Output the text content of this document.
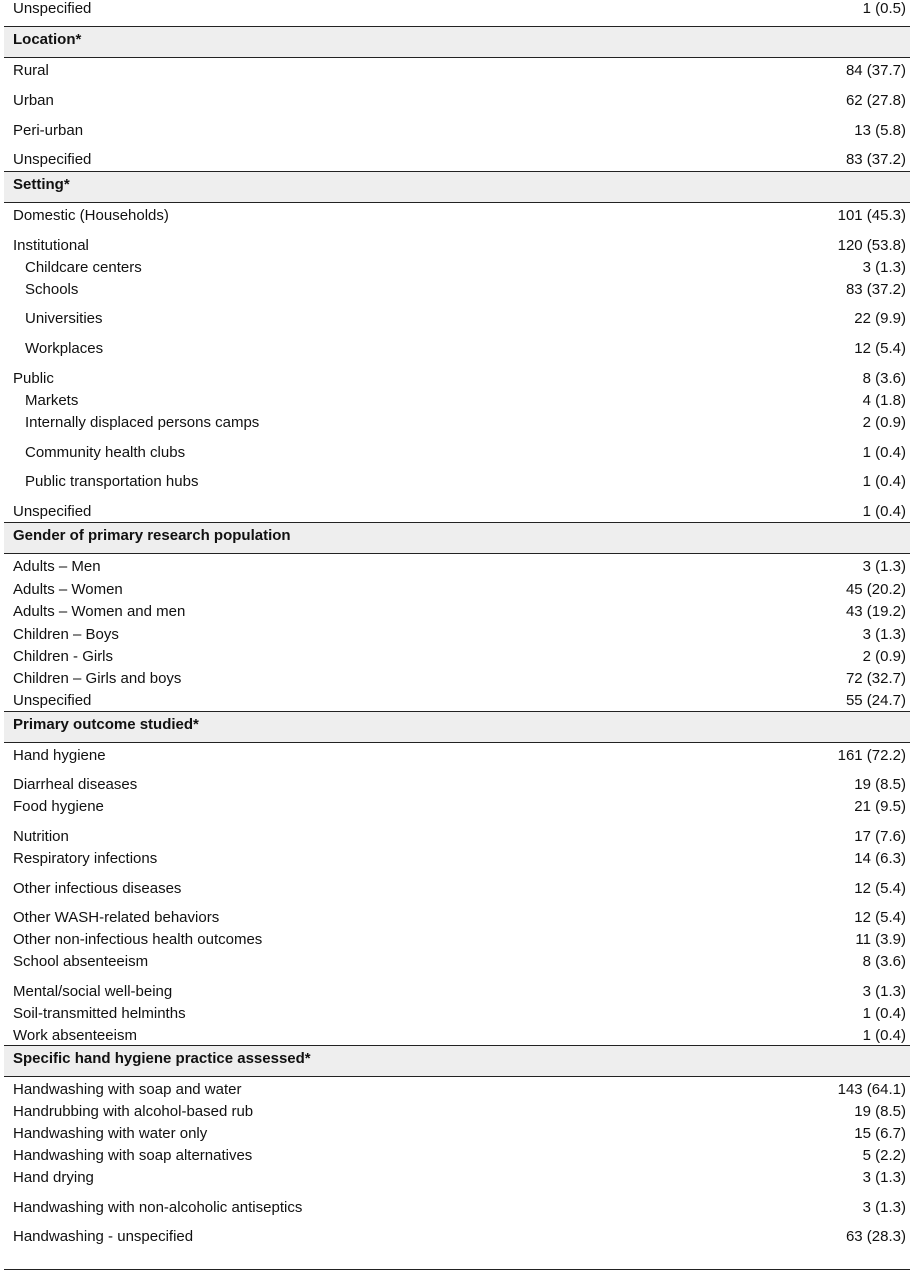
Unspecified	1 (0.5)
Location*
Rural	84 (37.7)
Urban	62 (27.8)
Peri-urban	13 (5.8)
Unspecified	83 (37.2)
Setting*
Domestic (Households)	101 (45.3)
Institutional	120 (53.8)
Childcare centers	3 (1.3)
Schools	83 (37.2)
Universities	22 (9.9)
Workplaces	12 (5.4)
Public	8 (3.6)
Markets	4 (1.8)
Internally displaced persons camps	2 (0.9)
Community health clubs	1 (0.4)
Public transportation hubs	1 (0.4)
Unspecified	1 (0.4)
Gender of primary research population
Adults – Men	3 (1.3)
Adults – Women	45 (20.2)
Adults – Women and men	43 (19.2)
Children – Boys	3 (1.3)
Children - Girls	2 (0.9)
Children – Girls and boys	72 (32.7)
Unspecified	55 (24.7)
Primary outcome studied*
Hand hygiene	161 (72.2)
Diarrheal diseases	19 (8.5)
Food hygiene	21 (9.5)
Nutrition	17 (7.6)
Respiratory infections	14 (6.3)
Other infectious diseases	12 (5.4)
Other WASH-related behaviors	12 (5.4)
Other non-infectious health outcomes	11 (3.9)
School absenteeism	8 (3.6)
Mental/social well-being	3 (1.3)
Soil-transmitted helminths	1 (0.4)
Work absenteeism	1 (0.4)
Specific hand hygiene practice assessed*
Handwashing with soap and water	143 (64.1)
Handrubbing with alcohol-based rub	19 (8.5)
Handwashing with water only	15 (6.7)
Handwashing with soap alternatives	5 (2.2)
Hand drying	3 (1.3)
Handwashing with non-alcoholic antiseptics	3 (1.3)
Handwashing - unspecified	63 (28.3)
